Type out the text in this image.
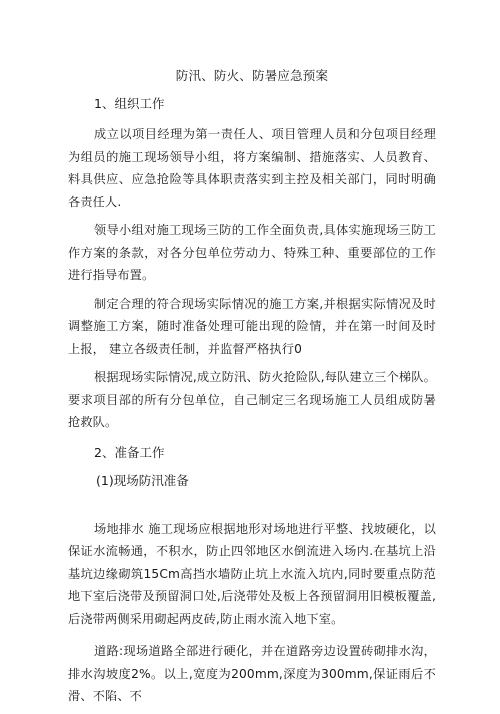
防汛、防火、防暑应急预案
1、组织工作

成立以项目经理为第一责任人、项目管理人员和分包项目经理为组员的施工现场领导小组，将方案编制、措施落实、人员教育、料具供应、应急抢险等具体职责落实到主控及相关部门，同时明确各责任人.

领导小组对施工现场三防的工作全面负责,具体实施现场三防工作方案的条款，对各分包单位劳动力、特殊工种、重要部位的工作进行指导布置。

制定合理的符合现场实际情况的施工方案,并根据实际情况及时调整施工方案，随时准备处理可能出现的险情，并在第一时间及时上报， 建立各级责任制，并监督严格执行0

根据现场实际情况,成立防汛、防火抢险队,每队建立三个梯队。要求项目部的所有分包单位，自己制定三名现场施工人员组成防暑抢救队。

2、准备工作
(1)现场防汛准备

场地排水 施工现场应根据地形对场地进行平整、找坡硬化，以保证水流畅通，不积水，防止四邻地区水倒流进入场内.在基坑上沿基坑边缘砌筑15Cm高挡水墙防止坑上水流入坑内,同时要重点防范地下室后浇带及预留洞口处,后浇带处及板上各预留洞用旧模板覆盖,后浇带两侧采用砌起两皮砖,防止雨水流入地下室。

道路:现场道路全部进行硬化，并在道路旁边设置砖砌排水沟，排水沟坡度2%。以上,宽度为200mm,深度为300mm,保证雨后不滑、不陷、不
